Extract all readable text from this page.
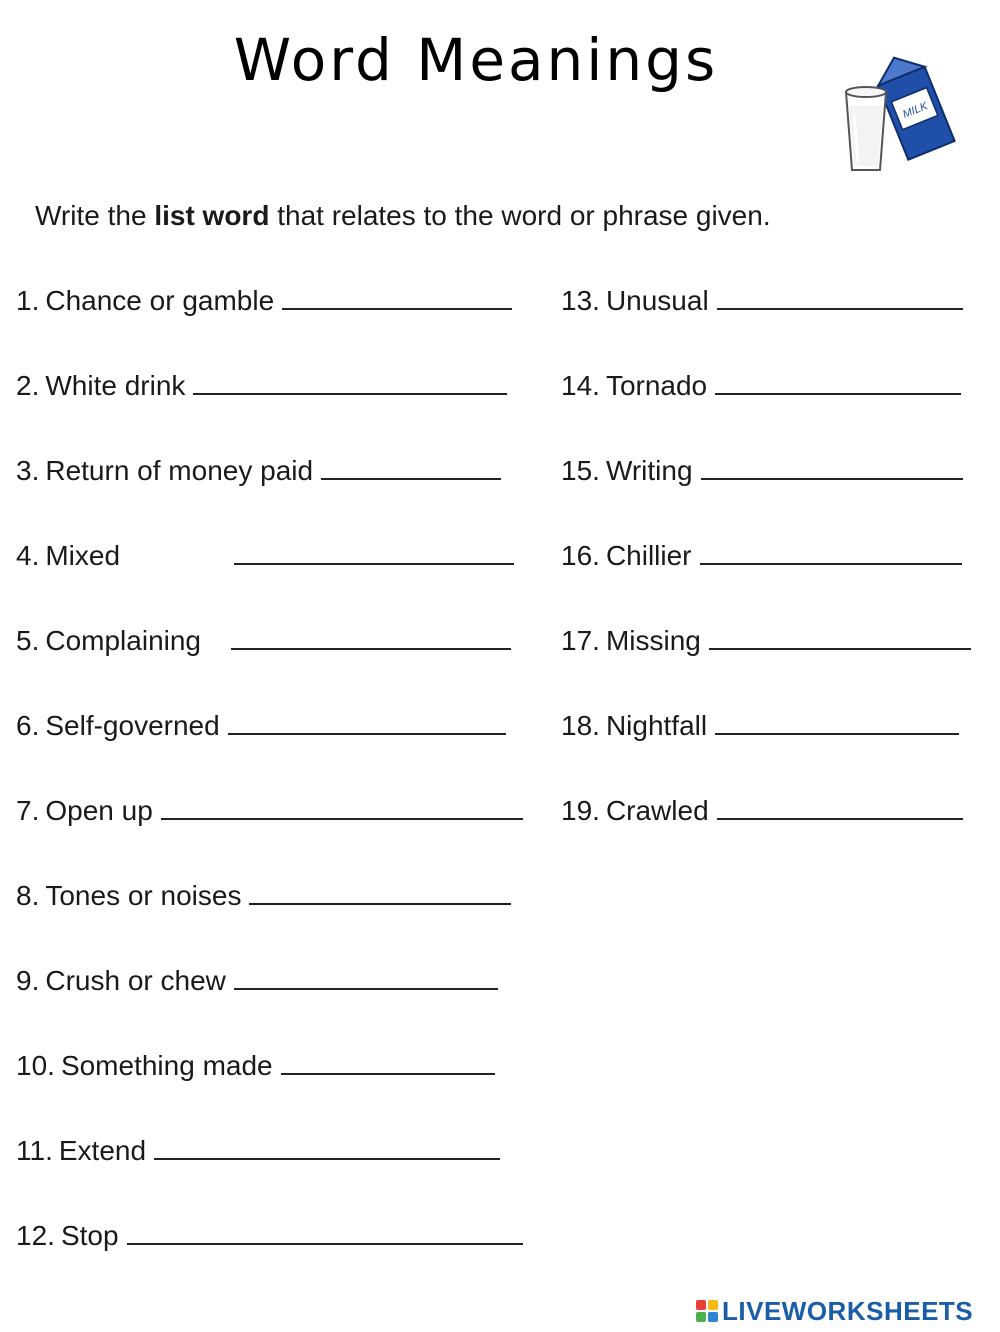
Word Meanings
MILK

Write the list word that relates to the word or phrase given.

1. Chance or gamble
2. White drink
3. Return of money paid
4. Mixed
5. Complaining
6. Self-governed
7. Open up
8. Tones or noises
9. Crush or chew
10. Something made
11. Extend
12. Stop
13. Unusual
14. Tornado
15. Writing
16. Chillier
17. Missing
18. Nightfall
19. Crawled
LIVEWORKSHEETS
